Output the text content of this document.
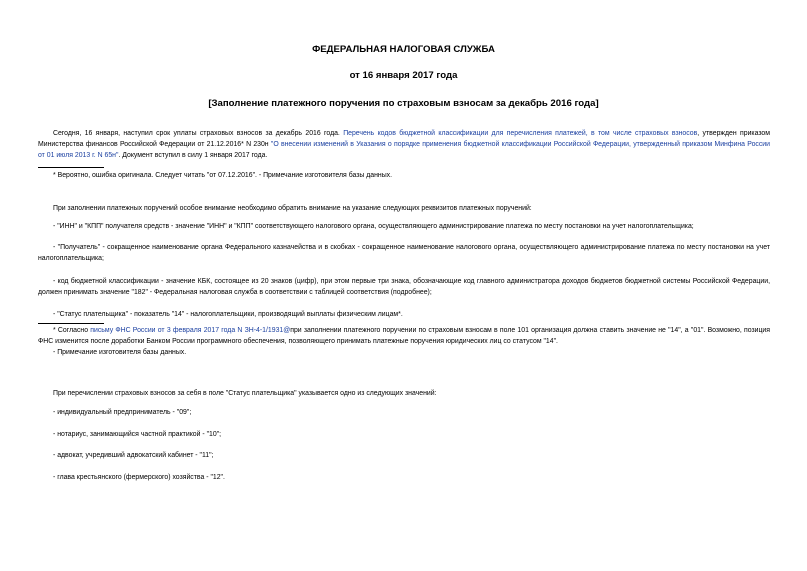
ФЕДЕРАЛЬНАЯ НАЛОГОВАЯ СЛУЖБА
от 16 января 2017 года
[Заполнение платежного поручения по страховым взносам за декабрь 2016 года]

Сегодня, 16 января, наступил срок уплаты страховых взносов за декабрь 2016 года. Перечень кодов бюджетной классификации для перечисления платежей, в том числе страховых взносов, утвержден приказом Министерства финансов Российской Федерации от 21.12.2016* N 230н "О внесении изменений в Указания о порядке применения бюджетной классификации Российской Федерации, утвержденный приказом Минфина России от 01 июля 2013 г. N 65н". Документ вступил в силу 1 января 2017 года.

* Вероятно, ошибка оригинала. Следует читать "от 07.12.2016". - Примечание изготовителя базы данных.

При заполнении платежных поручений особое внимание необходимо обратить внимание на указание следующих реквизитов платежных поручений:

- "ИНН" и "КПП" получателя средств - значение "ИНН" и "КПП" соответствующего налогового органа, осуществляющего администрирование платежа по месту постановки на учет налогоплательщика;

- "Получатель" - сокращенное наименование органа Федерального казначейства и в скобках - сокращенное наименование налогового органа, осуществляющего администрирование платежа по месту постановки на учет налогоплательщика;

- код бюджетной классификации - значение КБК, состоящее из 20 знаков (цифр), при этом первые три знака, обозначающие код главного администратора доходов бюджетов бюджетной системы Российской Федерации, должен принимать значение "182" - Федеральная налоговая служба в соответствии с таблицей соответствия (подробнее);

- "Статус плательщика" - показатель "14" - налогоплательщики, производящий выплаты физическим лицам*.

* Согласно письму ФНС России от 3 февраля 2017 года N ЗН-4-1/1931@при заполнении платежного поручении по страховым взносам в поле 101 организация должна ставить значение не "14", а "01". Возможно, позиция ФНС изменится после доработки Банком России программного обеспечения, позволяющего принимать платежные поручения юридических лиц со статусом "14".

- Примечание изготовителя базы данных.

При перечислении страховых взносов за себя в поле "Статус плательщика" указывается одно из следующих значений:

- индивидуальный предприниматель - "09";

- нотариус, занимающийся частной практикой - "10";

- адвокат, учредивший адвокатский кабинет - "11";

- глава крестьянского (фермерского) хозяйства - "12".
